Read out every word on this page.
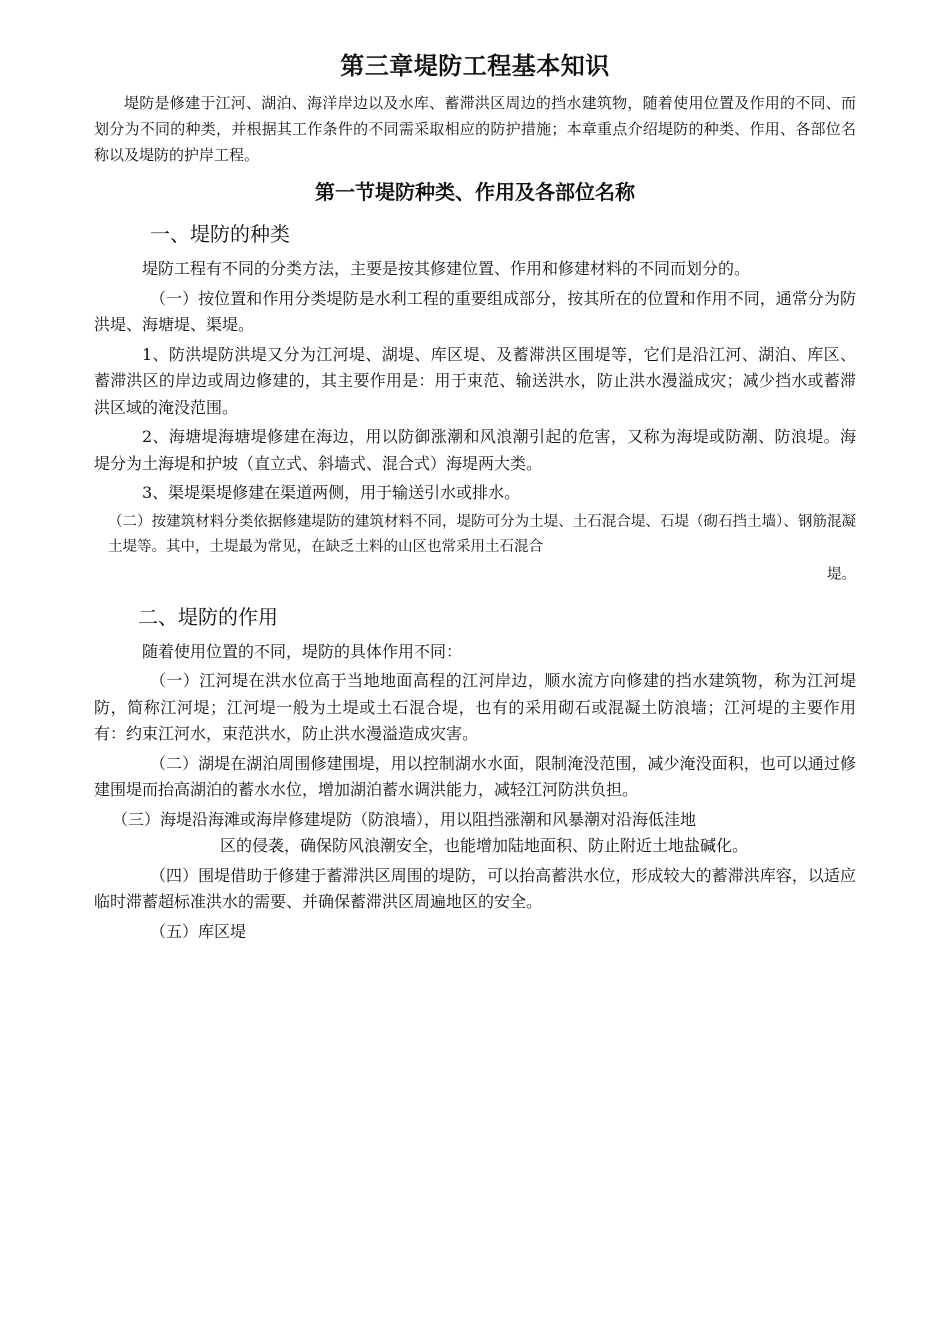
第三章堤防工程基本知识

堤防是修建于江河、湖泊、海洋岸边以及水库、蓄滞洪区周边的挡水建筑物，随着使用位置及作用的不同、而划分为不同的种类，并根据其工作条件的不同需采取相应的防护措施；本章重点介绍堤防的种类、作用、各部位名称以及堤防的护岸工程。

第一节堤防种类、作用及各部位名称
一、堤防的种类

堤防工程有不同的分类方法，主要是按其修建位置、作用和修建材料的不同而划分的。

（一）按位置和作用分类堤防是水利工程的重要组成部分，按其所在的位置和作用不同，通常分为防洪堤、海塘堤、渠堤。

1、防洪堤防洪堤又分为江河堤、湖堤、库区堤、及蓄滞洪区围堤等，它们是沿江河、湖泊、库区、蓄滞洪区的岸边或周边修建的，其主要作用是：用于束范、输送洪水，防止洪水漫溢成灾；减少挡水或蓄滞洪区域的淹没范围。

2、海塘堤海塘堤修建在海边，用以防御涨潮和风浪潮引起的危害，又称为海堤或防潮、防浪堤。海堤分为土海堤和护坡（直立式、斜墙式、混合式）海堤两大类。

3、渠堤渠堤修建在渠道两侧，用于输送引水或排水。

（二）按建筑材料分类依据修建堤防的建筑材料不同，堤防可分为土堤、土石混合堤、石堤（砌石挡土墙）、钢筋混凝土堤等。其中，土堤最为常见，在缺乏土料的山区也常采用土石混合

堤。

二、堤防的作用

随着使用位置的不同，堤防的具体作用不同：

（一）江河堤在洪水位高于当地地面高程的江河岸边，顺水流方向修建的挡水建筑物，称为江河堤防，简称江河堤；江河堤一般为土堤或土石混合堤，也有的采用砌石或混凝土防浪墙；江河堤的主要作用有：约束江河水，束范洪水，防止洪水漫溢造成灾害。

（二）湖堤在湖泊周围修建围堤，用以控制湖水水面，限制淹没范围，减少淹没面积，也可以通过修建围堤而抬高湖泊的蓄水水位，增加湖泊蓄水调洪能力，减轻江河防洪负担。

（三）海堤沿海滩或海岸修建堤防（防浪墙），用以阻挡涨潮和风暴潮对沿海低洼地
区的侵袭，确保防风浪潮安全，也能增加陆地面积、防止附近土地盐碱化。

（四）围堤借助于修建于蓄滞洪区周围的堤防，可以抬高蓄洪水位，形成较大的蓄滞洪库容，以适应临时滞蓄超标准洪水的需要、并确保蓄滞洪区周遍地区的安全。

（五）库区堤
